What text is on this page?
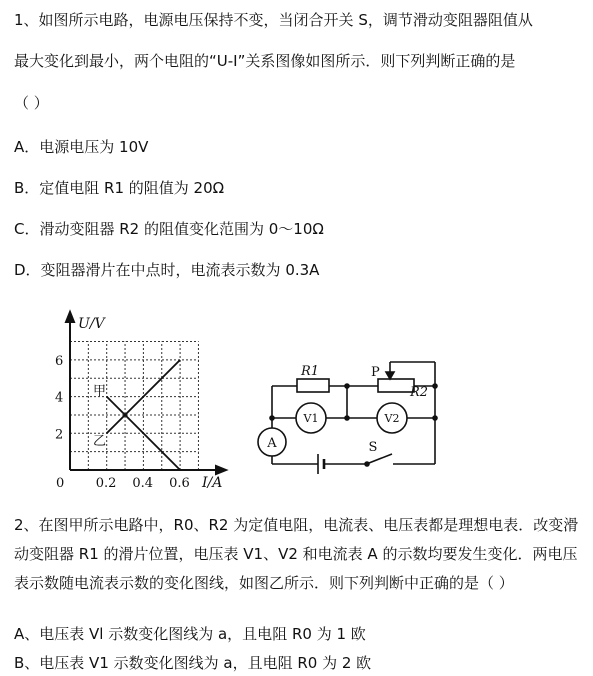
1、如图所示电路，电源电压保持不变，当闭合开关 S，调节滑动变阻器阻值从
最大变化到最小，两个电阻的“U-I”关系图像如图所示．则下列判断正确的是
（ ）
A．电源电压为 10V
B．定值电阻 R1 的阻值为 20Ω
C．滑动变阻器 R2 的阻值变化范围为 0～10Ω
D．变阻器滑片在中点时，电流表示数为 0.3A
2
4
6
0.2 0.4 0.6
U/V
I/A
0
甲
乙
R1
R2
P
V1	V2
A	S
2、在图甲所示电路中，R0、R2 为定值电阻，电流表、电压表都是理想电表．改变滑动变阻器 R1 的滑片位置，电压表 V1、V2 和电流表 A 的示数均要发生变化．两电压表示数随电流表示数的变化图线，如图乙所示．则下列判断中正确的是（ ）
A、电压表 Vl 示数变化图线为 a，且电阻 R0 为 1 欧
B、电压表 V1 示数变化图线为 a，且电阻 R0 为 2 欧
